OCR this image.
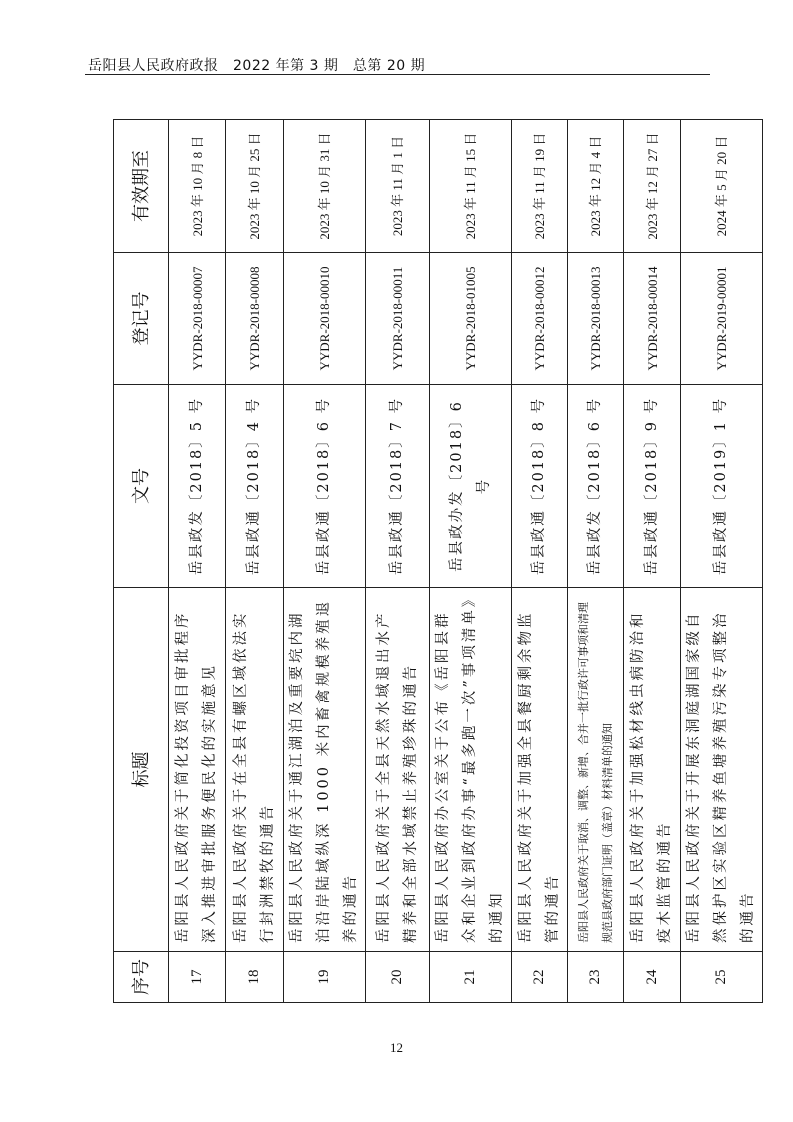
岳阳县人民政府政报　2022 年第 3 期　总第 20 期
序号	标题	文号	登记号	有效期至
17	岳阳县人民政府关于简化投资项目审批程序深入推进审批服务便民化的实施意见	岳县政发〔2018〕5 号	YYDR-2018-00007	2023 年 10 月 8 日
18	岳阳县人民政府关于在全县有螺区域依法实行封洲禁牧的通告	岳县政通〔2018〕4 号	YYDR-2018-00008	2023 年 10 月 25 日
19	岳阳县人民政府关于通江湖泊及重要垸内湖泊沿岸陆域纵深 1000 米内畜禽规模养殖退养的通告	岳县政通〔2018〕6 号	YYDR-2018-00010	2023 年 10 月 31 日
20	岳阳县人民政府关于全县天然水域退出水产精养和全部水域禁止养殖珍珠的通告	岳县政通〔2018〕7 号	YYDR-2018-00011	2023 年 11 月 1 日
21	岳阳县人民政府办公室关于公布《岳阳县群众和企业到政府办事“最多跑一次”事项清单》的通知	岳县政办发〔2018〕6 号	YYDR-2018-01005	2023 年 11 月 15 日
22	岳阳县人民政府关于加强全县餐厨剩余物监管的通告	岳县政通〔2018〕8 号	YYDR-2018-00012	2023 年 11 月 19 日
23	岳阳县人民政府关于取消、调整、新增、合并一批行政许可事项和清理规范县政府部门证明（盖章）材料清单的通知	岳县政发〔2018〕6 号	YYDR-2018-00013	2023 年 12 月 4 日
24	岳阳县人民政府关于加强松材线虫病防治和疫木监管的通告	岳县政通〔2018〕9 号	YYDR-2018-00014	2023 年 12 月 27 日
25	岳阳县人民政府关于开展东洞庭湖国家级自然保护区实验区精养鱼塘养殖污染专项整治的通告	岳县政通〔2019〕1 号	YYDR-2019-00001	2024 年 5 月 20 日
12
